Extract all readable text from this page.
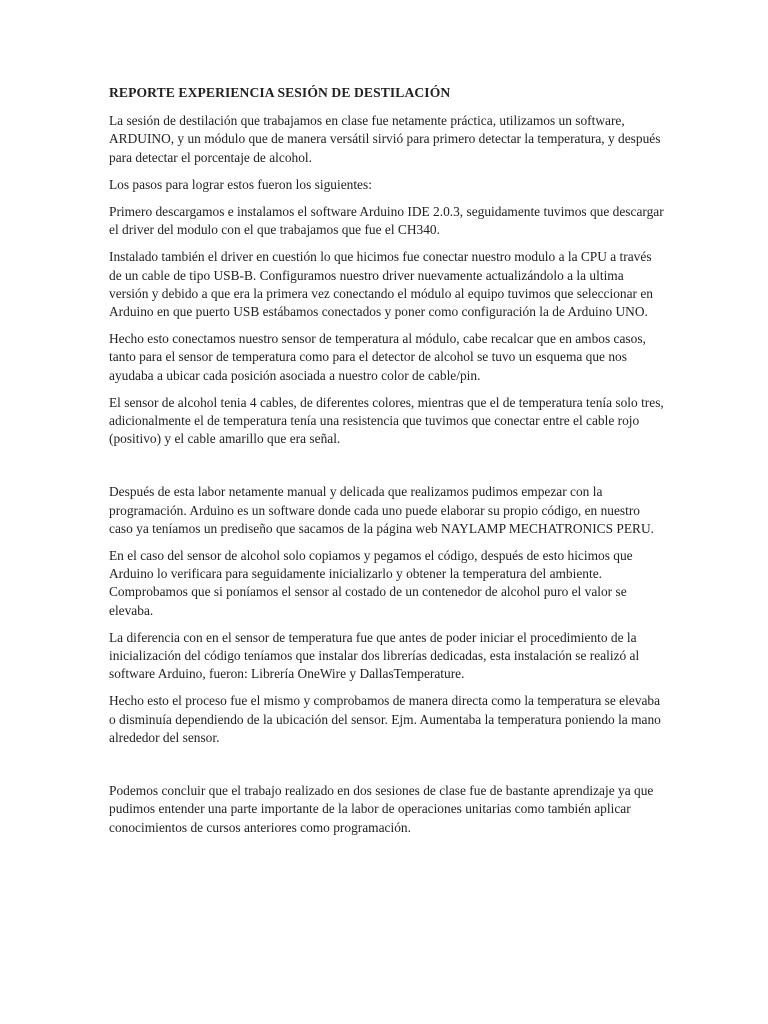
REPORTE EXPERIENCIA SESIÓN DE DESTILACIÓN

La sesión de destilación que trabajamos en clase fue netamente práctica, utilizamos un software, ARDUINO, y un módulo que de manera versátil sirvió para primero detectar la temperatura, y después para detectar el porcentaje de alcohol.

Los pasos para lograr estos fueron los siguientes:

Primero descargamos e instalamos el software Arduino IDE 2.0.3, seguidamente tuvimos que descargar el driver del modulo con el que trabajamos que fue el CH340.

Instalado también el driver en cuestión lo que hicimos fue conectar nuestro modulo a la CPU a través de un cable de tipo USB-B. Configuramos nuestro driver nuevamente actualizándolo a la ultima versión y debido a que era la primera vez conectando el módulo al equipo tuvimos que seleccionar en Arduino en que puerto USB estábamos conectados y poner como configuración la de Arduino UNO.

Hecho esto conectamos nuestro sensor de temperatura al módulo, cabe recalcar que en ambos casos, tanto para el sensor de temperatura como para el detector de alcohol se tuvo un esquema que nos ayudaba a ubicar cada posición asociada a nuestro color de cable/pin.

El sensor de alcohol tenia 4 cables, de diferentes colores, mientras que el de temperatura tenía solo tres, adicionalmente el de temperatura tenía una resistencia que tuvimos que conectar entre el cable rojo (positivo) y el cable amarillo que era señal.

Después de esta labor netamente manual y delicada que realizamos pudimos empezar con la programación. Arduino es un software donde cada uno puede elaborar su propio código, en nuestro caso ya teníamos un prediseño que sacamos de la página web NAYLAMP MECHATRONICS PERU.

En el caso del sensor de alcohol solo copiamos y pegamos el código, después de esto hicimos que Arduino lo verificara para seguidamente inicializarlo y obtener la temperatura del ambiente. Comprobamos que si poníamos el sensor al costado de un contenedor de alcohol puro el valor se elevaba.

La diferencia con en el sensor de temperatura fue que antes de poder iniciar el procedimiento de la inicialización del código teníamos que instalar dos librerías dedicadas, esta instalación se realizó al software Arduino, fueron: Librería OneWire y DallasTemperature.

Hecho esto el proceso fue el mismo y comprobamos de manera directa como la temperatura se elevaba o disminuía dependiendo de la ubicación del sensor. Ejm. Aumentaba la temperatura poniendo la mano alrededor del sensor.

Podemos concluir que el trabajo realizado en dos sesiones de clase fue de bastante aprendizaje ya que pudimos entender una parte importante de la labor de operaciones unitarias como también aplicar conocimientos de cursos anteriores como programación.
